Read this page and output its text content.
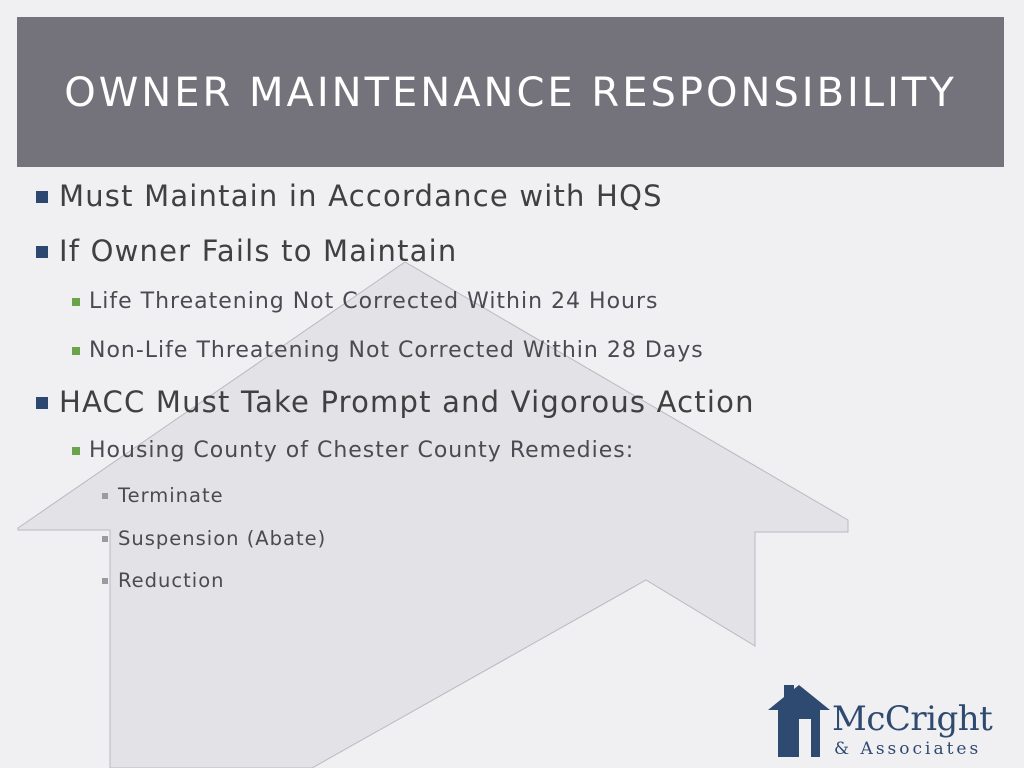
OWNER MAINTENANCE RESPONSIBILITY
Must Maintain in Accordance with HQS
If Owner Fails to Maintain
Life Threatening Not Corrected Within 24 Hours
Non-Life Threatening Not Corrected Within 28 Days
HACC Must Take Prompt and Vigorous Action
Housing County of Chester County Remedies:
Terminate
Suspension (Abate)
Reduction
McCright
& Associates
